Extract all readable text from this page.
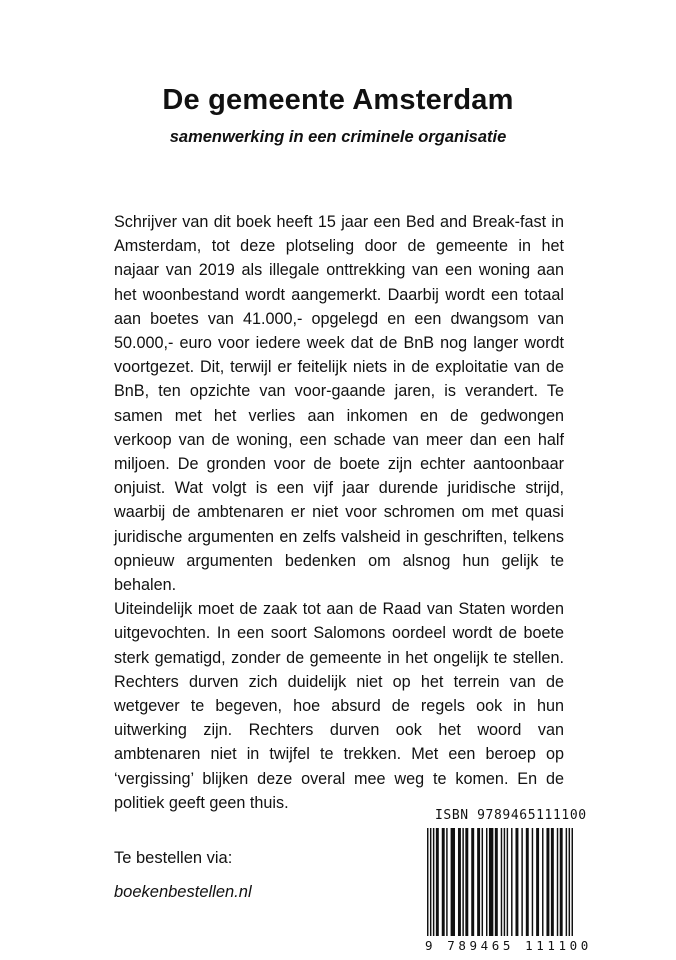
De gemeente Amsterdam
samenwerking in een criminele organisatie

Schrijver van dit boek heeft 15 jaar een Bed and Break-fast in Amsterdam, tot deze plotseling door de gemeente in het najaar van 2019 als illegale onttrekking van een woning aan het woonbestand wordt aangemerkt. Daarbij wordt een totaal aan boetes van 41.000,- opgelegd en een dwangsom van 50.000,- euro voor iedere week dat de BnB nog langer wordt voortgezet. Dit, terwijl er feitelijk niets in de exploitatie van de BnB, ten opzichte van voor-gaande jaren, is verandert. Te samen met het verlies aan inkomen en de gedwongen verkoop van de woning, een schade van meer dan een half miljoen. De gronden voor de boete zijn echter aantoonbaar onjuist. Wat volgt is een vijf jaar durende juridische strijd, waarbij de ambtenaren er niet voor schromen om met quasi juridische argumenten en zelfs valsheid in geschriften, telkens opnieuw argumenten bedenken om alsnog hun gelijk te behalen.

Uiteindelijk moet de zaak tot aan de Raad van Staten worden uitgevochten. In een soort Salomons oordeel wordt de boete sterk gematigd, zonder de gemeente in het ongelijk te stellen. Rechters durven zich duidelijk niet op het terrein van de wetgever te begeven, hoe absurd de regels ook in hun uitwerking zijn. Rechters durven ook het woord van ambtenaren niet in twijfel te trekken. Met een beroep op ‘vergissing’ blijken deze overal mee weg te komen. En de politiek geeft geen thuis.

Te bestellen via:
boekenbestellen.nl
ISBN 9789465111100
9 789465 111100
